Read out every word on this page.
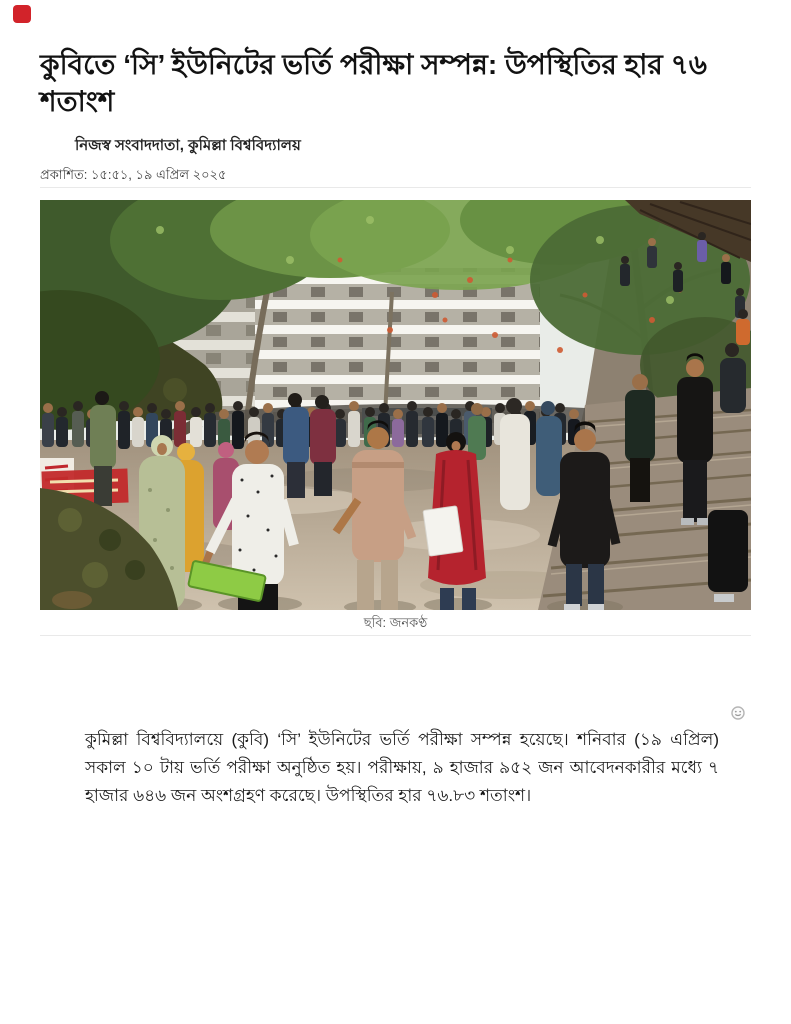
কুবিতে ‘সি’ ইউনিটের ভর্তি পরীক্ষা সম্পন্ন: উপস্থিতির হার ৭৬ শতাংশ
নিজস্ব সংবাদদাতা, কুমিল্লা বিশ্ববিদ্যালয়
প্রকাশিত: ১৫:৫১, ১৯ এপ্রিল ২০২৫
ছবি: জনকণ্ঠ

কুমিল্লা বিশ্ববিদ্যালয়ে (কুবি) ‘সি’ ইউনিটের ভর্তি পরীক্ষা সম্পন্ন হয়েছে। শনিবার (১৯ এপ্রিল) সকাল ১০ টায় ভর্তি পরীক্ষা অনুষ্ঠিত হয়। পরীক্ষায়, ৯ হাজার ৯৫২ জন আবেদনকারীর মধ্যে ৭ হাজার ৬৪৬ জন অংশগ্রহণ করেছে। উপস্থিতির হার ৭৬.৮৩ শতাংশ।
